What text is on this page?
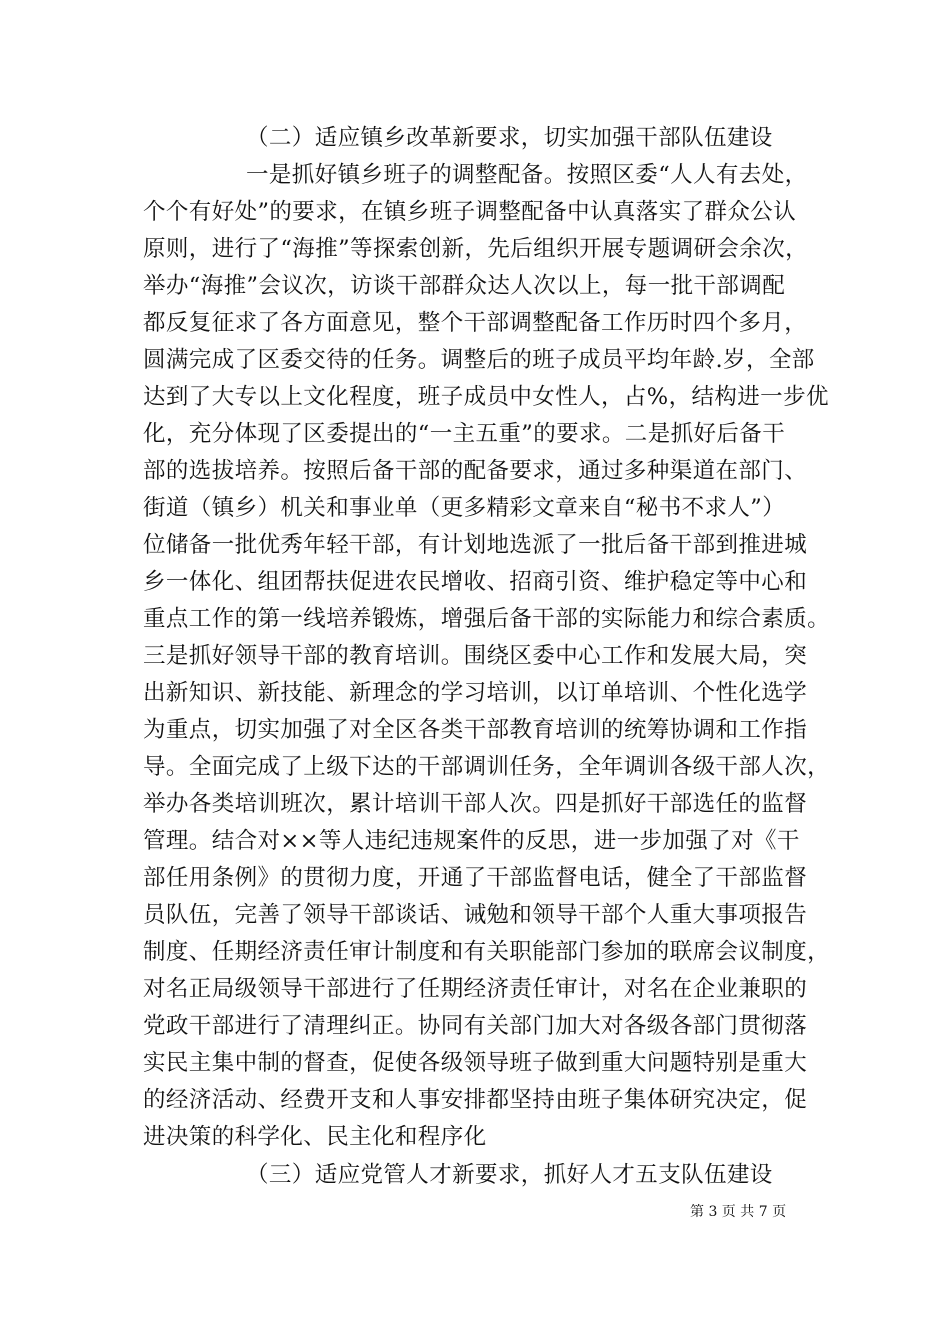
（二）适应镇乡改革新要求，切实加强干部队伍建设
一是抓好镇乡班子的调整配备。按照区委“人人有去处，
个个有好处”的要求，在镇乡班子调整配备中认真落实了群众公认
原则，进行了“海推”等探索创新，先后组织开展专题调研会余次，
举办“海推”会议次，访谈干部群众达人次以上，每一批干部调配
都反复征求了各方面意见，整个干部调整配备工作历时四个多月，
圆满完成了区委交待的任务。调整后的班子成员平均年龄.岁，全部
达到了大专以上文化程度，班子成员中女性人，占%，结构进一步优
化，充分体现了区委提出的“一主五重”的要求。二是抓好后备干
部的选拔培养。按照后备干部的配备要求，通过多种渠道在部门、
街道（镇乡）机关和事业单（更多精彩文章来自“秘书不求人”）
位储备一批优秀年轻干部，有计划地选派了一批后备干部到推进城
乡一体化、组团帮扶促进农民增收、招商引资、维护稳定等中心和
重点工作的第一线培养锻炼，增强后备干部的实际能力和综合素质。
三是抓好领导干部的教育培训。围绕区委中心工作和发展大局，突
出新知识、新技能、新理念的学习培训，以订单培训、个性化选学
为重点，切实加强了对全区各类干部教育培训的统筹协调和工作指
导。全面完成了上级下达的干部调训任务，全年调训各级干部人次，
举办各类培训班次，累计培训干部人次。四是抓好干部选任的监督
管理。结合对××等人违纪违规案件的反思，进一步加强了对《干
部任用条例》的贯彻力度，开通了干部监督电话，健全了干部监督
员队伍，完善了领导干部谈话、诫勉和领导干部个人重大事项报告
制度、任期经济责任审计制度和有关职能部门参加的联席会议制度，
对名正局级领导干部进行了任期经济责任审计，对名在企业兼职的
党政干部进行了清理纠正。协同有关部门加大对各级各部门贯彻落
实民主集中制的督查，促使各级领导班子做到重大问题特别是重大
的经济活动、经费开支和人事安排都坚持由班子集体研究决定，促
进决策的科学化、民主化和程序化
（三）适应党管人才新要求，抓好人才五支队伍建设
第 3 页 共 7 页
